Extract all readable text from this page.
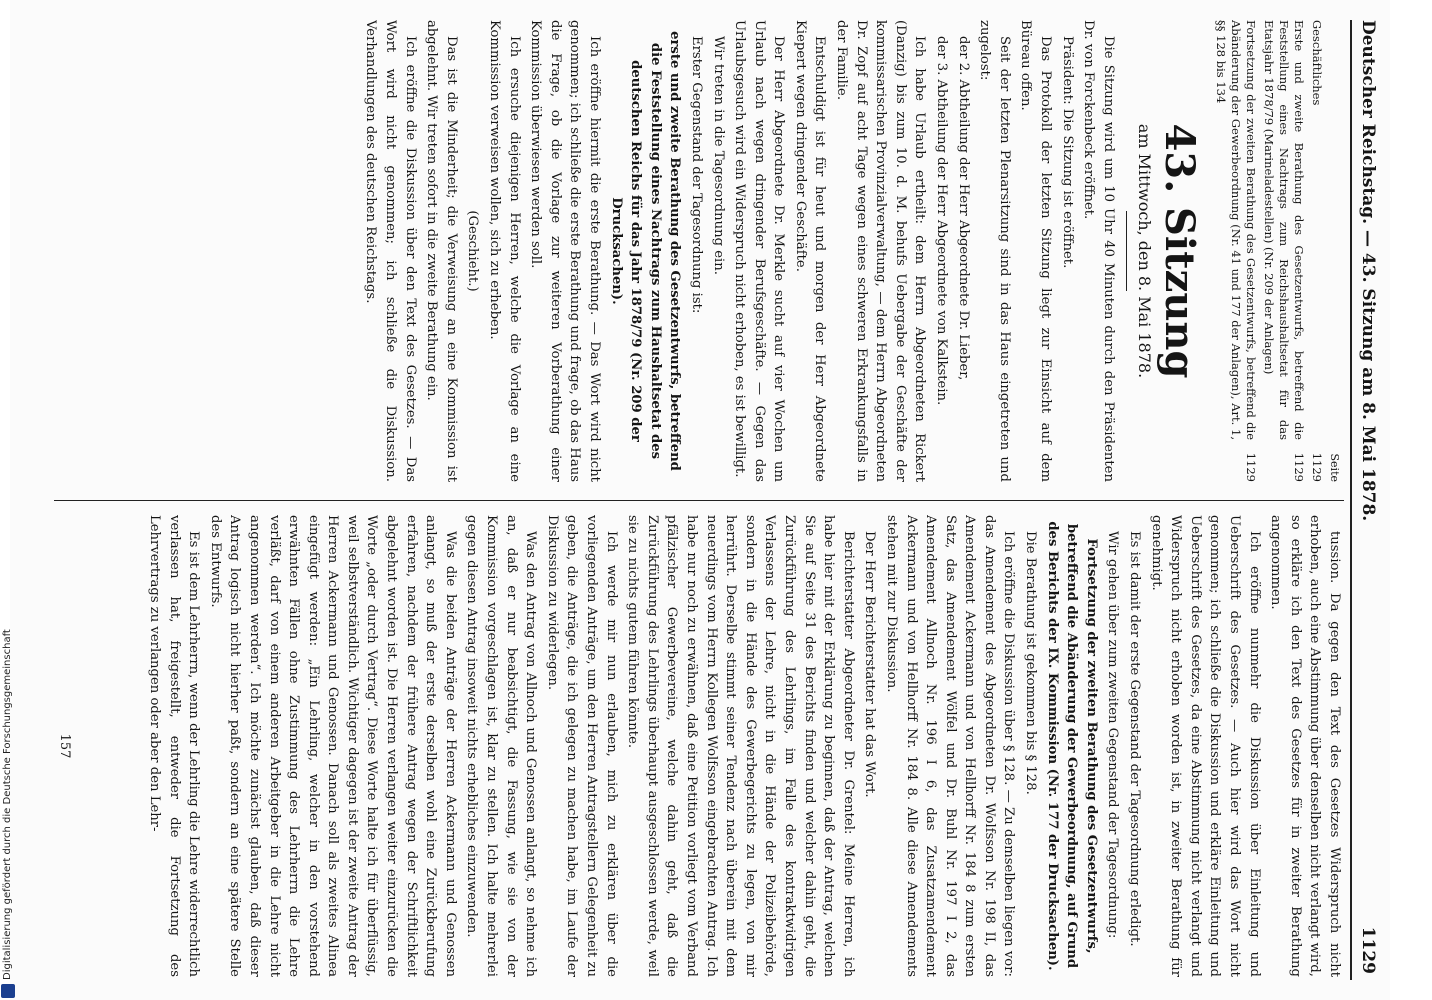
Deutscher Reichstag. — 43. Sitzung am 8. Mai 1878.
1129
Seite
Geschäftliches	1129
Erste und zweite Berathung des Gesetzentwurfs, betreffend die Feststellung eines Nachtrags zum Reichshaushaltsetat für das Etatsjahr 1878/79 (Marineladestellen) (Nr. 209 der Anlagen)	1129
Fortsetzung der zweiten Berathung des Gesetzentwurfs, betreffend die Abänderung der Gewerbeordnung (Nr. 41 und 177 der Anlagen), Art. 1, §§ 128 bis 134	1129
43. Sitzung
am Mittwoch, den 8. Mai 1878.

Die Sitzung wird um 10 Uhr 40 Minuten durch den Präsidenten Dr. von Forckenbeck eröffnet.

Präsident: Die Sitzung ist eröffnet.

Das Protokoll der letzten Sitzung liegt zur Einsicht auf dem Büreau offen.

Seit der letzten Plenarsitzung sind in das Haus eingetreten und zugelost:

der 2. Abtheilung der Herr Abgeordnete Dr. Lieber,

der 3. Abtheilung der Herr Abgeordnete von Kalkstein.

Ich habe Urlaub ertheilt: dem Herrn Abgeordneten Rickert (Danzig) bis zum 10. d. M. behufs Uebergabe der Geschäfte der kommissarischen Provinzialverwaltung, — dem Herrn Abgeordneten Dr. Zopf auf acht Tage wegen eines schweren Erkrankungsfalls in der Familie.

Entschuldigt ist für heut und morgen der Herr Abgeordnete Kiepert wegen dringender Geschäfte.

Der Herr Abgeordnete Dr. Merkle sucht auf vier Wochen um Urlaub nach wegen dringender Berufsgeschäfte. — Gegen das Urlaubsgesuch wird ein Widerspruch nicht erhoben, es ist bewilligt.

Wir treten in die Tagesordnung ein.

Erster Gegenstand der Tagesordnung ist:

erste und zweite Berathung des Gesetzentwurfs, betreffend die Feststellung eines Nachtrags zum Haushaltsetat des deutschen Reichs für das Jahr 1878/79 (Nr. 209 der Drucksachen).

Ich eröffne hiermit die erste Berathung. — Das Wort wird nicht genommen; ich schließe die erste Berathung und frage, ob das Haus die Frage, ob die Vorlage zur weiteren Vorberathung einer Kommission überwiesen werden soll.

Ich ersuche diejenigen Herren, welche die Vorlage an eine Kommission verweisen wollen, sich zu erheben.

(Geschieht.)

Das ist die Minderheit; die Verweisung an eine Kommission ist abgelehnt. Wir treten sofort in die zweite Berathung ein.

Ich eröffne die Diskussion über den Text des Gesetzes. — Das Wort wird nicht genommen; ich schließe die Diskussion. Verhandlungen des deutschen Reichstags.

tussion. Da gegen den Text des Gesetzes Widerspruch nicht erhoben, auch eine Abstimmung über denselben nicht verlangt wird, so erkläre ich den Text des Gesetzes für in zweiter Berathung angenommen.

Ich eröffne nunmehr die Diskussion über Einleitung und Ueberschrift des Gesetzes. — Auch hier wird das Wort nicht genommen; ich schließe die Diskussion und erkläre Einleitung und Ueberschrift des Gesetzes, da eine Abstimmung nicht verlangt und Widerspruch nicht erhoben worden ist, in zweiter Berathung für genehmigt.

Es ist damit der erste Gegenstand der Tagesordnung erledigt.

Wir gehen über zum zweiten Gegenstand der Tagesordnung:

Fortsetzung der zweiten Berathung des Gesetzentwurfs, betreffend die Abänderung der Gewerbeordnung, auf Grund des Berichts der IX. Kommission (Nr. 177 der Drucksachen).

Die Berathung ist gekommen bis § 128.

Ich eröffne die Diskussion über § 128. — Zu demselben liegen vor: das Amendement des Abgeordneten Dr. Wolfsson Nr. 198 II, das Amendement Ackermann und von Hellhorff Nr. 184 8 zum ersten Satz, das Amendement Wölfel und Dr. Buhl Nr. 197 I 2, das Amendement Allnoch Nr. 196 I 6, das Zusatzamendement Ackermann und von Hellhorff Nr. 184 8. Alle diese Amendements stehen mit zur Diskussion.

Der Herr Berichterstatter hat das Wort.

Berichterstatter Abgeordneter Dr. Grentel: Meine Herren, ich habe hier mit der Erklärung zu beginnen, daß der Antrag, welchen Sie auf Seite 31 des Berichts finden und welcher dahin geht, die Zurückführung des Lehrlings, im Falle des kontraktwidrigen Verlassens der Lehre, nicht in die Hände der Polizeibehörde, sondern in die Hände des Gewerbegerichts zu legen, von mir herrührt. Derselbe stimmt seiner Tendenz nach überein mit dem neuerdings vom Herrn Kollegen Wolfsson eingebrachten Antrag. Ich habe nur noch zu erwähnen, daß eine Petition vorliegt vom Verband pfälzischer Gewerbevereine, welche dahin geht, daß die Zurückführung des Lehrlings überhaupt ausgeschlossen werde, weil sie zu nichts gutem führen könnte.

Ich werde mir nun erlauben, mich zu erklären über die vorliegenden Anträge, um den Herren Antragstellern Gelegenheit zu geben, die Anträge, die ich gelegen zu machen habe, im Laufe der Diskussion zu widerlegen.

Was den Antrag von Allnoch und Genossen anlangt, so nehme ich an, daß er nur beabsichtigt, die Fassung, wie sie von der Kommission vorgeschlagen ist, klar zu stellen. Ich halte mehrerlei gegen diesen Antrag insoweit nichts erhebliches einzuwenden.

Was die beiden Anträge der Herren Ackermann und Genossen anlangt, so muß der erste derselben wohl eine Zurückberufung erfahren, nachdem der frühere Antrag wegen der Schriftlichkeit abgelehnt worden ist. Die Herren verlangen weiter einzurücken die Worte „oder durch Vertrag“. Diese Worte halte ich für überflüssig, weil selbstverständlich. Wichtiger dagegen ist der zweite Antrag der Herren Ackermann und Genossen. Danach soll als zweites Alinea eingefügt werden: „Ein Lehrling, welcher in den vorstehend erwähnten Fällen ohne Zustimmung des Lehrherrn die Lehre verläßt, darf von einem anderen Arbeitgeber in die Lehre nicht angenommen werden“. Ich möchte zunächst glauben, daß dieser Antrag logisch nicht hierher paßt, sondern an eine spätere Stelle des Entwurfs.

Es ist dem Lehrherrn, wenn der Lehrling die Lehre widerrechtlich verlassen hat, freigestellt, entweder die Fortsetzung des Lehrvertrags zu verlangen oder aber den Lehr-

157
Digitalisierung gefördert durch die Deutsche Forschungsgemeinschaft
